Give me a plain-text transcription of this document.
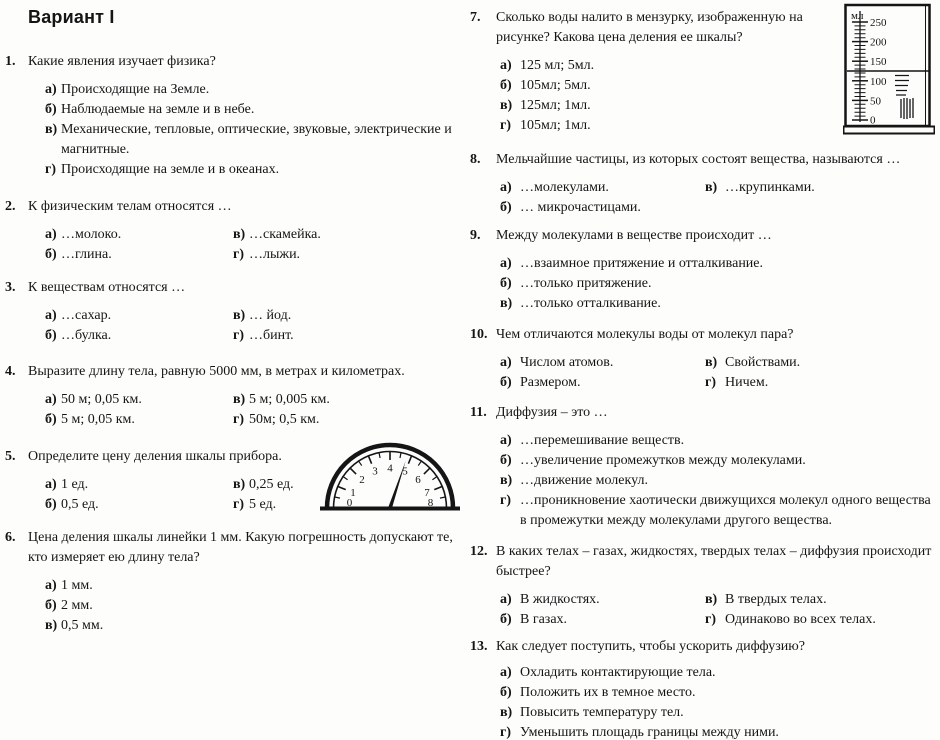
Вариант I
1. Какие явления изучает физика?
а) Происходящие на Земле.
б) Наблюдаемые на земле и в небе.
в) Механические, тепловые, оптические, звуковые, электрические и магнитные.
г) Происходящие на земле и в океанах.
2. К физическим телам относятся …
а) …молоко.	в) …скамейка.
б) …глина.	г) …лыжи.
3. К веществам относятся …
а) …сахар.	в) … йод.
б) …булка.	г) …бинт.
4. Выразите длину тела, равную 5000 мм, в метрах и километрах.
а) 50 м; 0,05 км.	в) 5 м; 0,005 км.
б) 5 м; 0,05 км.	г) 50м; 0,5 км.
5. Определите цену деления шкалы прибора.
а) 1 ед.	в) 0,25 ед.
б) 0,5 ед.	г) 5 ед.
6. Цена деления шкалы линейки 1 мм. Какую погрешность допускают те, кто измеряет ею длину тела?
а) 1 мм.
б) 2 мм.
в) 0,5 мм.
7.	Сколько воды налито в мензурку, изображенную на рисунке? Какова цена деления ее шкалы?
а) 125 мл; 5мл.
б) 105мл; 5мл.
в) 125мл; 1мл.
г) 105мл; 1мл.
8.	Мельчайшие частицы, из которых состоят вещества, называются …
а) …молекулами.	в) …крупинками.
б) … микрочастицами.
9.	Между молекулами в веществе происходит …
а) …взаимное притяжение и отталкивание.
б) …только притяжение.
в) …только отталкивание.
10. Чем отличаются молекулы воды от молекул пара?
а) Числом атомов.	в) Свойствами.
б) Размером.	г) Ничем.
11. Диффузия – это …
а) …перемешивание веществ.
б) …увеличение промежутков между молекулами.
в) …движение молекул.
г) …проникновение хаотически движущихся молекул одного вещества в промежутки между молекулами другого вещества.
12. В каких телах – газах, жидкостях, твердых телах – диффузия происходит быстрее?
а) В жидкостях.	в) В твердых телах.
б) В газах.	г) Одинаково во всех телах.
13. Как следует поступить, чтобы ускорить диффузию?
а) Охладить контактирующие тела.
б) Положить их в темное место.
в) Повысить температуру тел.
г) Уменьшить площадь границы между ними.
0
1
2
3 4 5
6
7
8
мл
250
200
150
100
50
0
